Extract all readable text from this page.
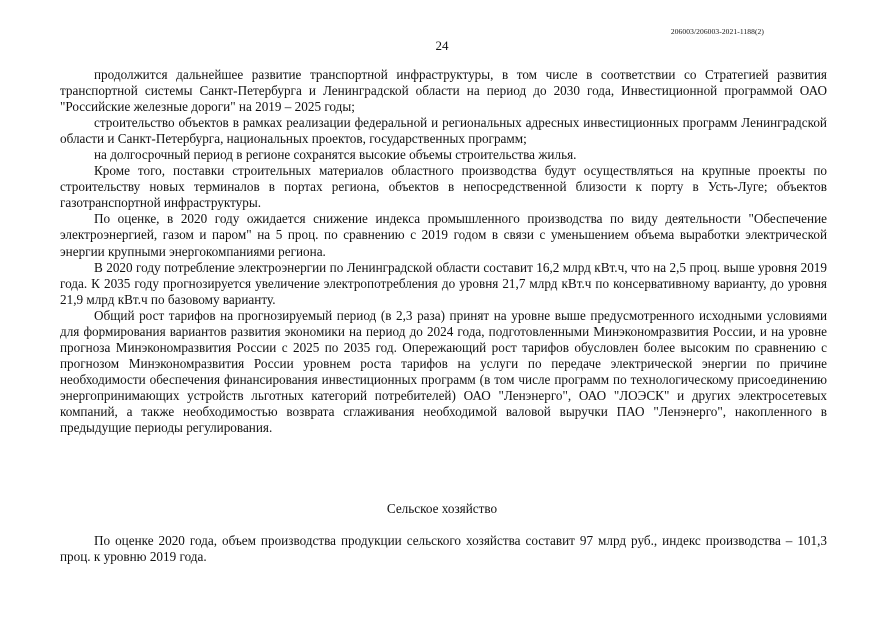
206003/206003-2021-1188(2)
24

продолжится дальнейшее развитие транспортной инфраструктуры, в том числе в соответствии со Стратегией развития транспортной системы Санкт-Петербурга и Ленинградской области на период до 2030 года, Инвестиционной программой ОАО "Российские железные дороги" на 2019 – 2025 годы;

строительство объектов в рамках реализации федеральной и региональных адресных инвестиционных программ Ленинградской области и Санкт-Петербурга, национальных проектов, государственных программ;

на долгосрочный период в регионе сохранятся высокие объемы строительства жилья.

Кроме того, поставки строительных материалов областного производства будут осуществляться на крупные проекты по строительству новых терминалов в портах региона, объектов в непосредственной близости к порту в Усть-Луге; объектов газотранспортной инфраструктуры.

По оценке, в 2020 году ожидается снижение индекса промышленного производства по виду деятельности "Обеспечение электроэнергией, газом и паром" на 5 проц. по сравнению с 2019 годом в связи с уменьшением объема выработки электрической энергии крупными энергокомпаниями региона.

В 2020 году потребление электроэнергии по Ленинградской области составит 16,2 млрд кВт.ч, что на 2,5 проц. выше уровня 2019 года. К 2035 году прогнозируется увеличение электропотребления до уровня 21,7 млрд кВт.ч по консервативному варианту, до уровня 21,9 млрд кВт.ч по базовому варианту.

Общий рост тарифов на прогнозируемый период (в 2,3 раза) принят на уровне выше предусмотренного исходными условиями для формирования вариантов развития экономики на период до 2024 года, подготовленными Минэкономразвития России, и на уровне прогноза Минэкономразвития России с 2025 по 2035 год. Опережающий рост тарифов обусловлен более высоким по сравнению с прогнозом Минэкономразвития России уровнем роста тарифов на услуги по передаче электрической энергии по причине необходимости обеспечения финансирования инвестиционных программ (в том числе программ по технологическому присоединению энергопринимающих устройств льготных категорий потребителей) ОАО "Ленэнерго", ОАО "ЛОЭСК" и других электросетевых компаний, а также необходимостью возврата сглаживания необходимой валовой выручки ПАО "Ленэнерго", накопленного в предыдущие периоды регулирования.

Сельское хозяйство

По оценке 2020 года, объем производства продукции сельского хозяйства составит 97 млрд руб., индекс производства – 101,3 проц. к уровню 2019 года.
